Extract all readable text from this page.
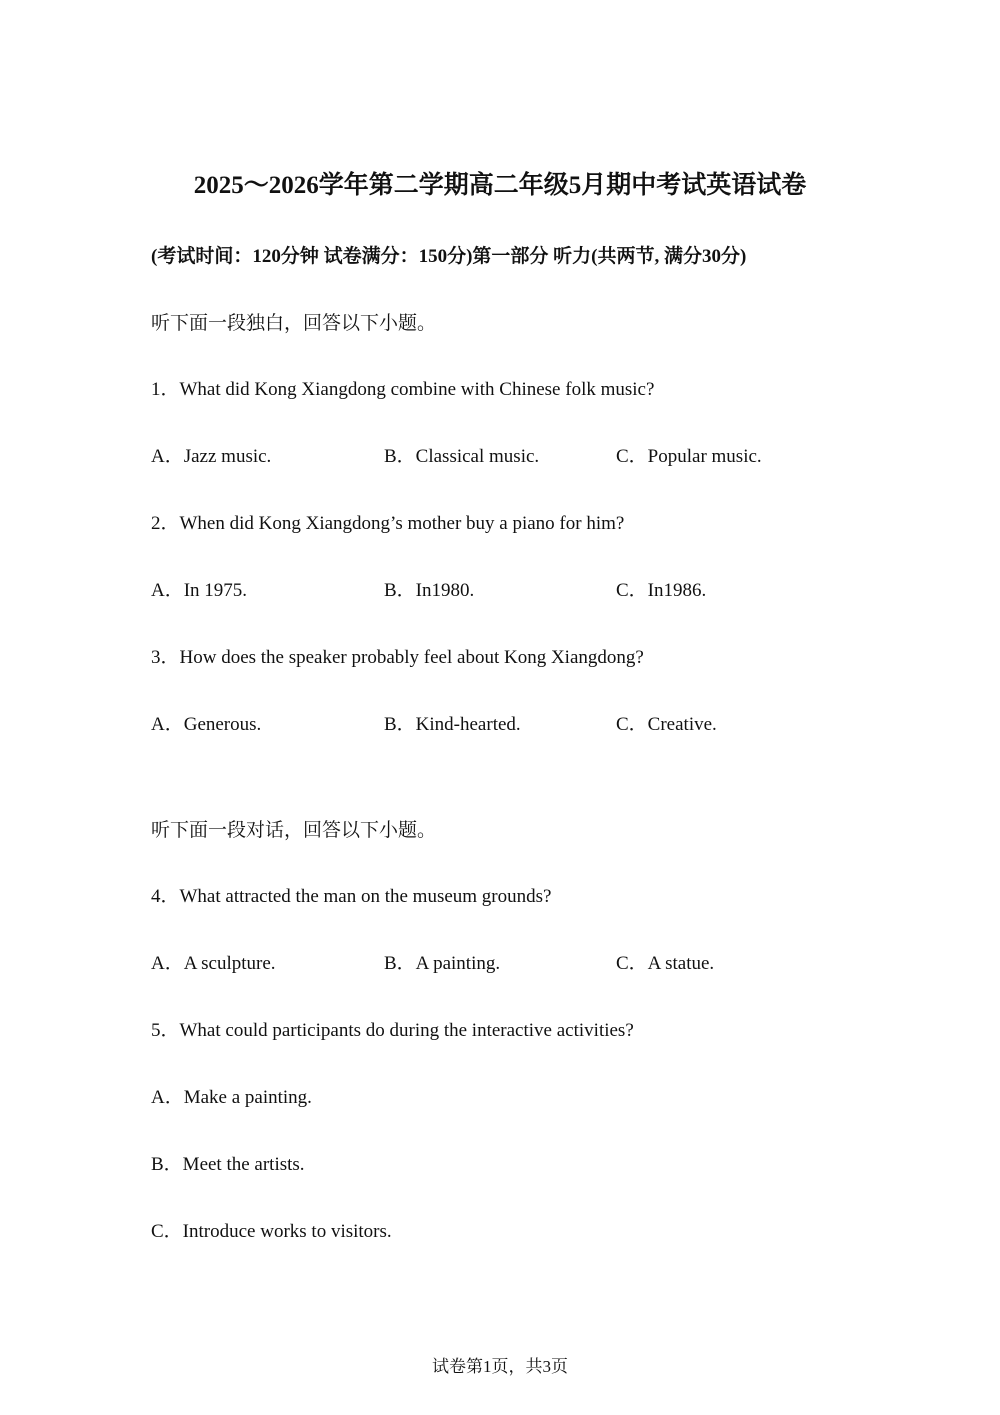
2025～2026学年第二学期高二年级5月期中考试英语试卷
(考试时间：120分钟 试卷满分：150分)第一部分 听力(共两节, 满分30分)
听下面一段独白，回答以下小题。
1．What did Kong Xiangdong combine with Chinese folk music?
A．Jazz music.	B．Classical music.	C．Popular music.
2．When did Kong Xiangdong’s mother buy a piano for him?
A．In 1975.	B．In1980.	C．In1986.
3．How does the speaker probably feel about Kong Xiangdong?
A．Generous.	B．Kind-hearted.	C．Creative.
听下面一段对话，回答以下小题。
4．What attracted the man on the museum grounds?
A．A sculpture.	B．A painting.	C．A statue.
5．What could participants do during the interactive activities?
A．Make a painting.
B．Meet the artists.
C．Introduce works to visitors.
试卷第1页，共3页
